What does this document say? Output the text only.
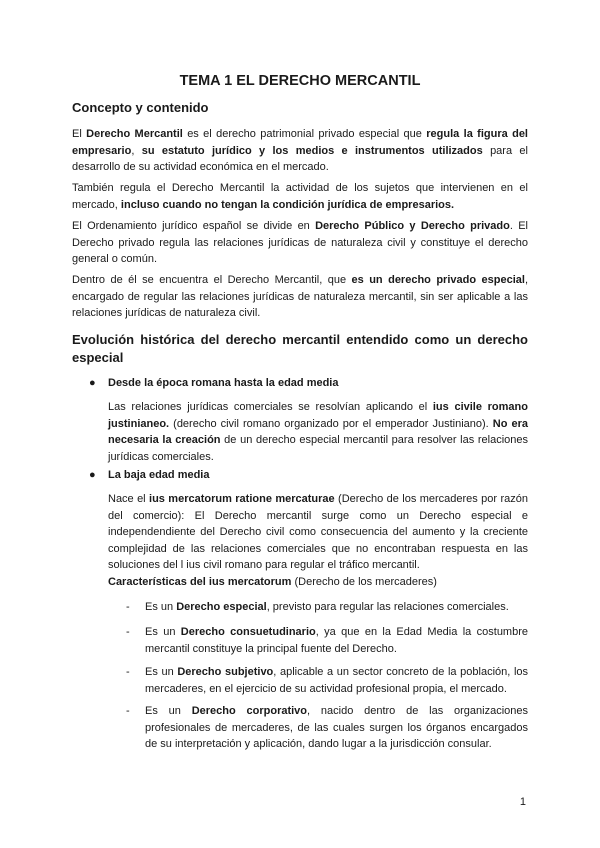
TEMA 1 EL DERECHO MERCANTIL
Concepto y contenido

El Derecho Mercantil es el derecho patrimonial privado especial que regula la figura del empresario, su estatuto jurídico y los medios e instrumentos utilizados para el desarrollo de su actividad económica en el mercado.

También regula el Derecho Mercantil la actividad de los sujetos que intervienen en el mercado, incluso cuando no tengan la condición jurídica de empresarios.

El Ordenamiento jurídico español se divide en Derecho Público y Derecho privado. El Derecho privado regula las relaciones jurídicas de naturaleza civil y constituye el derecho general o común.

Dentro de él se encuentra el Derecho Mercantil, que es un derecho privado especial, encargado de regular las relaciones jurídicas de naturaleza mercantil, sin ser aplicable a las relaciones jurídicas de naturaleza civil.

Evolución histórica del derecho mercantil entendido como un derecho especial
● Desde la época romana hasta la edad media

Las relaciones jurídicas comerciales se resolvían aplicando el ius civile romano justinianeo. (derecho civil romano organizado por el emperador Justiniano). No era necesaria la creación de un derecho especial mercantil para resolver las relaciones jurídicas comerciales.

● La baja edad media

Nace el ius mercatorum ratione mercaturae (Derecho de los mercaderes por razón del comercio): El Derecho mercantil surge como un Derecho especial e independendiente del Derecho civil como consecuencia del aumento y la creciente complejidad de las relaciones comerciales que no encontraban respuesta en las soluciones del l ius civil romano para regular el tráfico mercantil.

Características del ius mercatorum (Derecho de los mercaderes)

- Es un Derecho especial, previsto para regular las relaciones comerciales.

- Es un Derecho consuetudinario, ya que en la Edad Media la costumbre mercantil constituye la principal fuente del Derecho.

- Es un Derecho subjetivo, aplicable a un sector concreto de la población, los mercaderes, en el ejercicio de su actividad profesional propia, el mercado.

- Es un Derecho corporativo, nacido dentro de las organizaciones profesionales de mercaderes, de las cuales surgen los órganos encargados de su interpretación y aplicación, dando lugar a la jurisdicción consular.

1
